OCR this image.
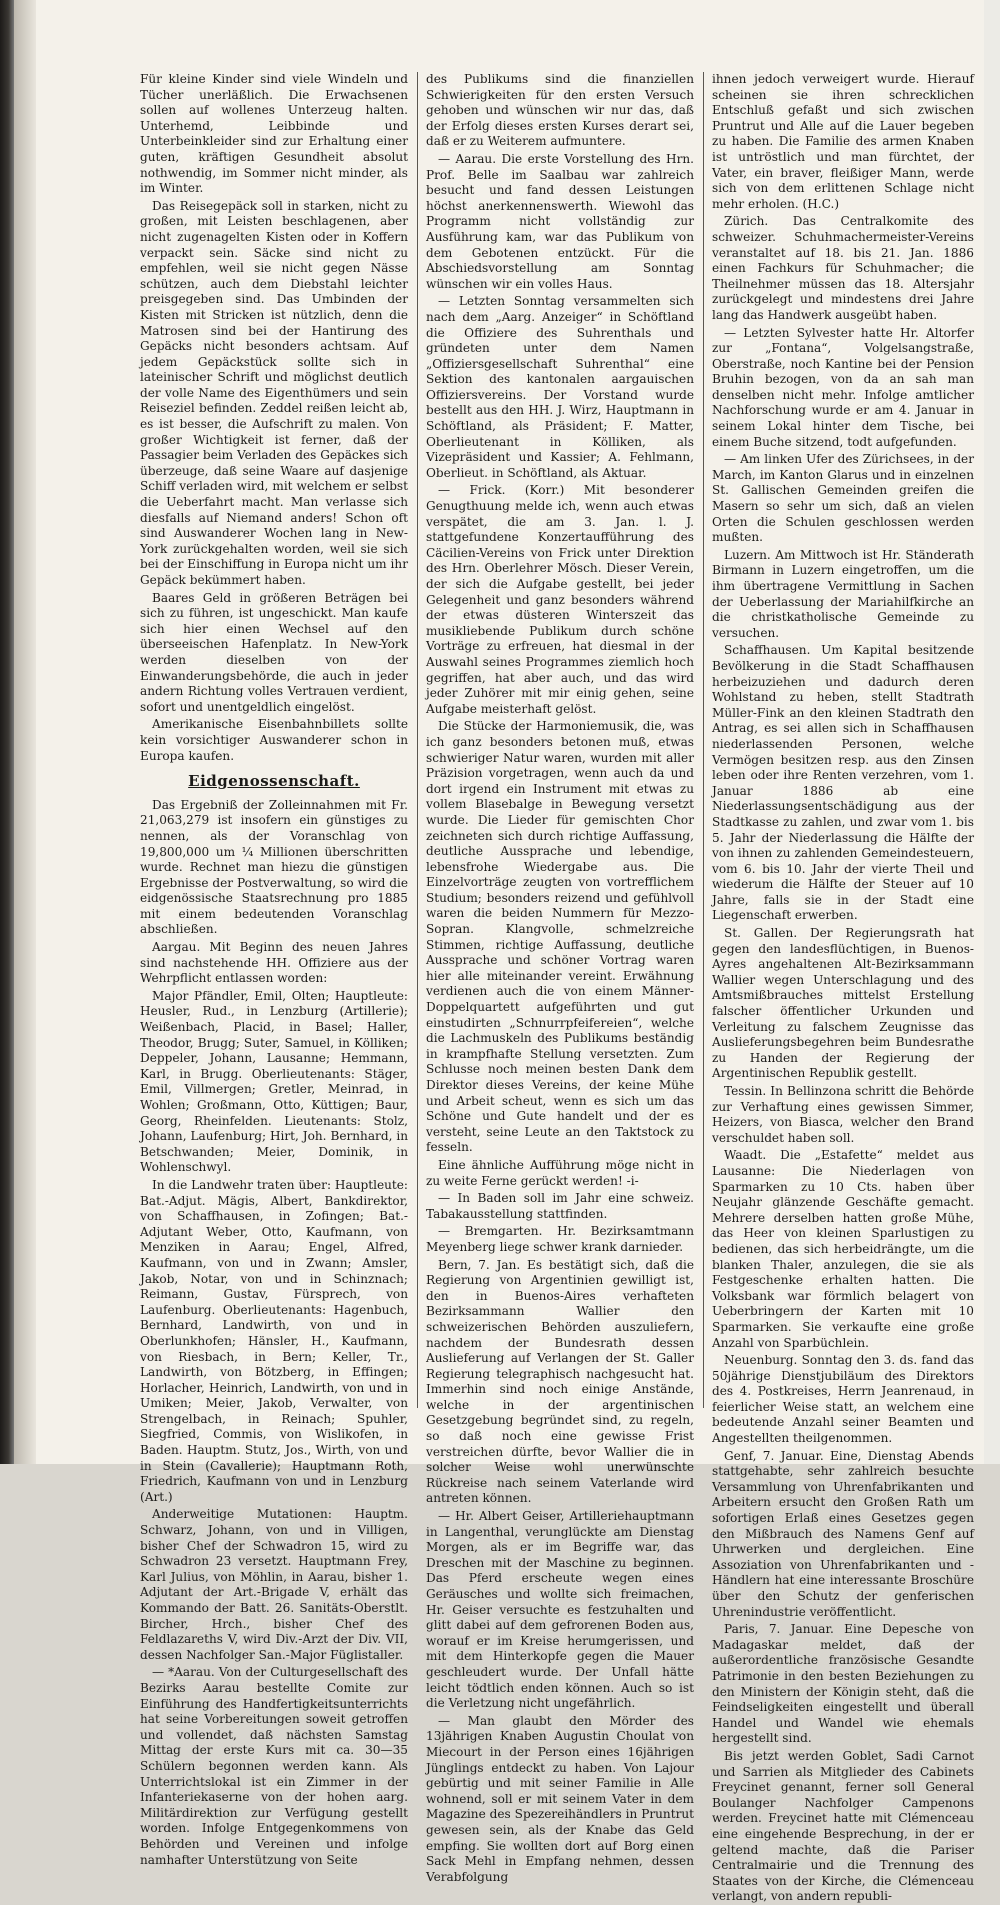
Für kleine Kinder sind viele Windeln und Tücher unerläßlich. Die Erwachsenen sollen auf wollenes Unterzeug halten. Unterhemd, Leibbinde und Unterbeinkleider sind zur Erhaltung einer guten, kräftigen Gesundheit absolut nothwendig, im Sommer nicht minder, als im Winter.

Das Reisegepäck soll in starken, nicht zu großen, mit Leisten beschlagenen, aber nicht zugenagelten Kisten oder in Koffern verpackt sein. Säcke sind nicht zu empfehlen, weil sie nicht gegen Nässe schützen, auch dem Diebstahl leichter preisgegeben sind. Das Umbinden der Kisten mit Stricken ist nützlich, denn die Matrosen sind bei der Hantirung des Gepäcks nicht besonders achtsam. Auf jedem Gepäckstück sollte sich in lateinischer Schrift und möglichst deutlich der volle Name des Eigenthümers und sein Reiseziel befinden. Zeddel reißen leicht ab, es ist besser, die Aufschrift zu malen. Von großer Wichtigkeit ist ferner, daß der Passagier beim Verladen des Gepäckes sich überzeuge, daß seine Waare auf dasjenige Schiff verladen wird, mit welchem er selbst die Ueberfahrt macht. Man verlasse sich diesfalls auf Niemand anders! Schon oft sind Auswanderer Wochen lang in New-York zurückgehalten worden, weil sie sich bei der Einschiffung in Europa nicht um ihr Gepäck bekümmert haben.

Baares Geld in größeren Beträgen bei sich zu führen, ist ungeschickt. Man kaufe sich hier einen Wechsel auf den überseeischen Hafenplatz. In New-York werden dieselben von der Einwanderungsbehörde, die auch in jeder andern Richtung volles Vertrauen verdient, sofort und unentgeldlich eingelöst.

Amerikanische Eisenbahnbillets sollte kein vorsichtiger Auswanderer schon in Europa kaufen.

Eidgenossenschaft.

Das Ergebniß der Zolleinnahmen mit Fr. 21,063,279 ist insofern ein günstiges zu nennen, als der Voranschlag von 19,800,000 um ¼ Millionen überschritten wurde. Rechnet man hiezu die günstigen Ergebnisse der Postverwaltung, so wird die eidgenössische Staatsrechnung pro 1885 mit einem bedeutenden Voranschlag abschließen.

Aargau. Mit Beginn des neuen Jahres sind nachstehende HH. Offiziere aus der Wehrpflicht entlassen worden:

Major Pfändler, Emil, Olten; Hauptleute: Heusler, Rud., in Lenzburg (Artillerie); Weißenbach, Placid, in Basel; Haller, Theodor, Brugg; Suter, Samuel, in Kölliken; Deppeler, Johann, Lausanne; Hemmann, Karl, in Brugg. Oberlieutenants: Stäger, Emil, Villmergen; Gretler, Meinrad, in Wohlen; Großmann, Otto, Küttigen; Baur, Georg, Rheinfelden. Lieutenants: Stolz, Johann, Laufenburg; Hirt, Joh. Bernhard, in Betschwanden; Meier, Dominik, in Wohlenschwyl.

In die Landwehr traten über: Hauptleute: Bat.-Adjut. Mägis, Albert, Bankdirektor, von Schaffhausen, in Zofingen; Bat.-Adjutant Weber, Otto, Kaufmann, von Menziken in Aarau; Engel, Alfred, Kaufmann, von und in Zwann; Amsler, Jakob, Notar, von und in Schinznach; Reimann, Gustav, Fürsprech, von Laufenburg. Oberlieutenants: Hagenbuch, Bernhard, Landwirth, von und in Oberlunkhofen; Hänsler, H., Kaufmann, von Riesbach, in Bern; Keller, Tr., Landwirth, von Bötzberg, in Effingen; Horlacher, Heinrich, Landwirth, von und in Umiken; Meier, Jakob, Verwalter, von Strengelbach, in Reinach; Spuhler, Siegfried, Commis, von Wislikofen, in Baden. Hauptm. Stutz, Jos., Wirth, von und in Stein (Cavallerie); Hauptmann Roth, Friedrich, Kaufmann von und in Lenzburg (Art.)

Anderweitige Mutationen: Hauptm. Schwarz, Johann, von und in Villigen, bisher Chef der Schwadron 15, wird zu Schwadron 23 versetzt. Hauptmann Frey, Karl Julius, von Möhlin, in Aarau, bisher 1. Adjutant der Art.-Brigade V, erhält das Kommando der Batt. 26. Sanitäts-Oberstlt. Bircher, Hrch., bisher Chef des Feldlazareths V, wird Div.-Arzt der Div. VII, dessen Nachfolger San.-Major Füglistaller.

— *Aarau. Von der Culturgesellschaft des Bezirks Aarau bestellte Comite zur Einführung des Handfertigkeitsunterrichts hat seine Vorbereitungen soweit getroffen und vollendet, daß nächsten Samstag Mittag der erste Kurs mit ca. 30—35 Schülern begonnen werden kann. Als Unterrichtslokal ist ein Zimmer in der Infanteriekaserne von der hohen aarg. Militärdirektion zur Verfügung gestellt worden. Infolge Entgegenkommens von Behörden und Vereinen und infolge namhafter Unterstützung von Seite

des Publikums sind die finanziellen Schwierigkeiten für den ersten Versuch gehoben und wünschen wir nur das, daß der Erfolg dieses ersten Kurses derart sei, daß er zu Weiterem aufmuntere.

— Aarau. Die erste Vorstellung des Hrn. Prof. Belle im Saalbau war zahlreich besucht und fand dessen Leistungen höchst anerkennenswerth. Wiewohl das Programm nicht vollständig zur Ausführung kam, war das Publikum von dem Gebotenen entzückt. Für die Abschiedsvorstellung am Sonntag wünschen wir ein volles Haus.

— Letzten Sonntag versammelten sich nach dem „Aarg. Anzeiger“ in Schöftland die Offiziere des Suhrenthals und gründeten unter dem Namen „Offiziersgesellschaft Suhrenthal“ eine Sektion des kantonalen aargauischen Offiziersvereins. Der Vorstand wurde bestellt aus den HH. J. Wirz, Hauptmann in Schöftland, als Präsident; F. Matter, Oberlieutenant in Kölliken, als Vizepräsident und Kassier; A. Fehlmann, Oberlieut. in Schöftland, als Aktuar.

— Frick. (Korr.) Mit besonderer Genugthuung melde ich, wenn auch etwas verspätet, die am 3. Jan. l. J. stattgefundene Konzertaufführung des Cäcilien-Vereins von Frick unter Direktion des Hrn. Oberlehrer Mösch. Dieser Verein, der sich die Aufgabe gestellt, bei jeder Gelegenheit und ganz besonders während der etwas düsteren Winterszeit das musikliebende Publikum durch schöne Vorträge zu erfreuen, hat diesmal in der Auswahl seines Programmes ziemlich hoch gegriffen, hat aber auch, und das wird jeder Zuhörer mit mir einig gehen, seine Aufgabe meisterhaft gelöst.

Die Stücke der Harmoniemusik, die, was ich ganz besonders betonen muß, etwas schwieriger Natur waren, wurden mit aller Präzision vorgetragen, wenn auch da und dort irgend ein Instrument mit etwas zu vollem Blasebalge in Bewegung versetzt wurde. Die Lieder für gemischten Chor zeichneten sich durch richtige Auffassung, deutliche Aussprache und lebendige, lebensfrohe Wiedergabe aus. Die Einzelvorträge zeugten von vortrefflichem Studium; besonders reizend und gefühlvoll waren die beiden Nummern für Mezzo-Sopran. Klangvolle, schmelzreiche Stimmen, richtige Auffassung, deutliche Aussprache und schöner Vortrag waren hier alle miteinander vereint. Erwähnung verdienen auch die von einem Männer-Doppelquartett aufgeführten und gut einstudirten „Schnurrpfeifereien“, welche die Lachmuskeln des Publikums beständig in krampfhafte Stellung versetzten. Zum Schlusse noch meinen besten Dank dem Direktor dieses Vereins, der keine Mühe und Arbeit scheut, wenn es sich um das Schöne und Gute handelt und der es versteht, seine Leute an den Taktstock zu fesseln.

Eine ähnliche Aufführung möge nicht in zu weite Ferne gerückt werden! -i-

— In Baden soll im Jahr eine schweiz. Tabakausstellung stattfinden.

— Bremgarten. Hr. Bezirksamtmann Meyenberg liege schwer krank darnieder.

Bern, 7. Jan. Es bestätigt sich, daß die Regierung von Argentinien gewilligt ist, den in Buenos-Aires verhafteten Bezirksammann Wallier den schweizerischen Behörden auszuliefern, nachdem der Bundesrath dessen Auslieferung auf Verlangen der St. Galler Regierung telegraphisch nachgesucht hat. Immerhin sind noch einige Anstände, welche in der argentinischen Gesetzgebung begründet sind, zu regeln, so daß noch eine gewisse Frist verstreichen dürfte, bevor Wallier die in solcher Weise wohl unerwünschte Rückreise nach seinem Vaterlande wird antreten können.

— Hr. Albert Geiser, Artilleriehauptmann in Langenthal, verunglückte am Dienstag Morgen, als er im Begriffe war, das Dreschen mit der Maschine zu beginnen. Das Pferd erscheute wegen eines Geräusches und wollte sich freimachen, Hr. Geiser versuchte es festzuhalten und glitt dabei auf dem gefrorenen Boden aus, worauf er im Kreise herumgerissen, und mit dem Hinterkopfe gegen die Mauer geschleudert wurde. Der Unfall hätte leicht tödtlich enden können. Auch so ist die Verletzung nicht ungefährlich.

— Man glaubt den Mörder des 13jährigen Knaben Augustin Choulat von Miecourt in der Person eines 16jährigen Jünglings entdeckt zu haben. Von Lajour gebürtig und mit seiner Familie in Alle wohnend, soll er mit seinem Vater in dem Magazine des Spezereihändlers in Pruntrut gewesen sein, als der Knabe das Geld empfing. Sie wollten dort auf Borg einen Sack Mehl in Empfang nehmen, dessen Verabfolgung

ihnen jedoch verweigert wurde. Hierauf scheinen sie ihren schrecklichen Entschluß gefaßt und sich zwischen Pruntrut und Alle auf die Lauer begeben zu haben. Die Familie des armen Knaben ist untröstlich und man fürchtet, der Vater, ein braver, fleißiger Mann, werde sich von dem erlittenen Schlage nicht mehr erholen. (H.C.)

Zürich. Das Centralkomite des schweizer. Schuhmachermeister-Vereins veranstaltet auf 18. bis 21. Jan. 1886 einen Fachkurs für Schuhmacher; die Theilnehmer müssen das 18. Altersjahr zurückgelegt und mindestens drei Jahre lang das Handwerk ausgeübt haben.

— Letzten Sylvester hatte Hr. Altorfer zur „Fontana“, Volgelsangstraße, Oberstraße, noch Kantine bei der Pension Bruhin bezogen, von da an sah man denselben nicht mehr. Infolge amtlicher Nachforschung wurde er am 4. Januar in seinem Lokal hinter dem Tische, bei einem Buche sitzend, todt aufgefunden.

— Am linken Ufer des Zürichsees, in der March, im Kanton Glarus und in einzelnen St. Gallischen Gemeinden greifen die Masern so sehr um sich, daß an vielen Orten die Schulen geschlossen werden mußten.

Luzern. Am Mittwoch ist Hr. Ständerath Birmann in Luzern eingetroffen, um die ihm übertragene Vermittlung in Sachen der Ueberlassung der Mariahilfkirche an die christkatholische Gemeinde zu versuchen.

Schaffhausen. Um Kapital besitzende Bevölkerung in die Stadt Schaffhausen herbeizuziehen und dadurch deren Wohlstand zu heben, stellt Stadtrath Müller-Fink an den kleinen Stadtrath den Antrag, es sei allen sich in Schaffhausen niederlassenden Personen, welche Vermögen besitzen resp. aus den Zinsen leben oder ihre Renten verzehren, vom 1. Januar 1886 ab eine Niederlassungsentschädigung aus der Stadtkasse zu zahlen, und zwar vom 1. bis 5. Jahr der Niederlassung die Hälfte der von ihnen zu zahlenden Gemeindesteuern, vom 6. bis 10. Jahr der vierte Theil und wiederum die Hälfte der Steuer auf 10 Jahre, falls sie in der Stadt eine Liegenschaft erwerben.

St. Gallen. Der Regierungsrath hat gegen den landesflüchtigen, in Buenos-Ayres angehaltenen Alt-Bezirksammann Wallier wegen Unterschlagung und des Amtsmißbrauches mittelst Erstellung falscher öffentlicher Urkunden und Verleitung zu falschem Zeugnisse das Auslieferungsbegehren beim Bundesrathe zu Handen der Regierung der Argentinischen Republik gestellt.

Tessin. In Bellinzona schritt die Behörde zur Verhaftung eines gewissen Simmer, Heizers, von Biasca, welcher den Brand verschuldet haben soll.

Waadt. Die „Estafette“ meldet aus Lausanne: Die Niederlagen von Sparmarken zu 10 Cts. haben über Neujahr glänzende Geschäfte gemacht. Mehrere derselben hatten große Mühe, das Heer von kleinen Sparlustigen zu bedienen, das sich herbeidrängte, um die blanken Thaler, anzulegen, die sie als Festgeschenke erhalten hatten. Die Volksbank war förmlich belagert von Ueberbringern der Karten mit 10 Sparmarken. Sie verkaufte eine große Anzahl von Sparbüchlein.

Neuenburg. Sonntag den 3. ds. fand das 50jährige Dienstjubiläum des Direktors des 4. Postkreises, Herrn Jeanrenaud, in feierlicher Weise statt, an welchem eine bedeutende Anzahl seiner Beamten und Angestellten theilgenommen.

Genf, 7. Januar. Eine, Dienstag Abends stattgehabte, sehr zahlreich besuchte Versammlung von Uhrenfabrikanten und Arbeitern ersucht den Großen Rath um sofortigen Erlaß eines Gesetzes gegen den Mißbrauch des Namens Genf auf Uhrwerken und dergleichen. Eine Assoziation von Uhrenfabrikanten und -Händlern hat eine interessante Broschüre über den Schutz der genferischen Uhrenindustrie veröffentlicht.

Paris, 7. Januar. Eine Depesche von Madagaskar meldet, daß der außerordentliche französische Gesandte Patrimonie in den besten Beziehungen zu den Ministern der Königin steht, daß die Feindseligkeiten eingestellt und überall Handel und Wandel wie ehemals hergestellt sind.

Bis jetzt werden Goblet, Sadi Carnot und Sarrien als Mitglieder des Cabinets Freycinet genannt, ferner soll General Boulanger Nachfolger Campenons werden. Freycinet hatte mit Clémenceau eine eingehende Besprechung, in der er geltend machte, daß die Pariser Centralmairie und die Trennung des Staates von der Kirche, die Clémenceau verlangt, von andern republi-
